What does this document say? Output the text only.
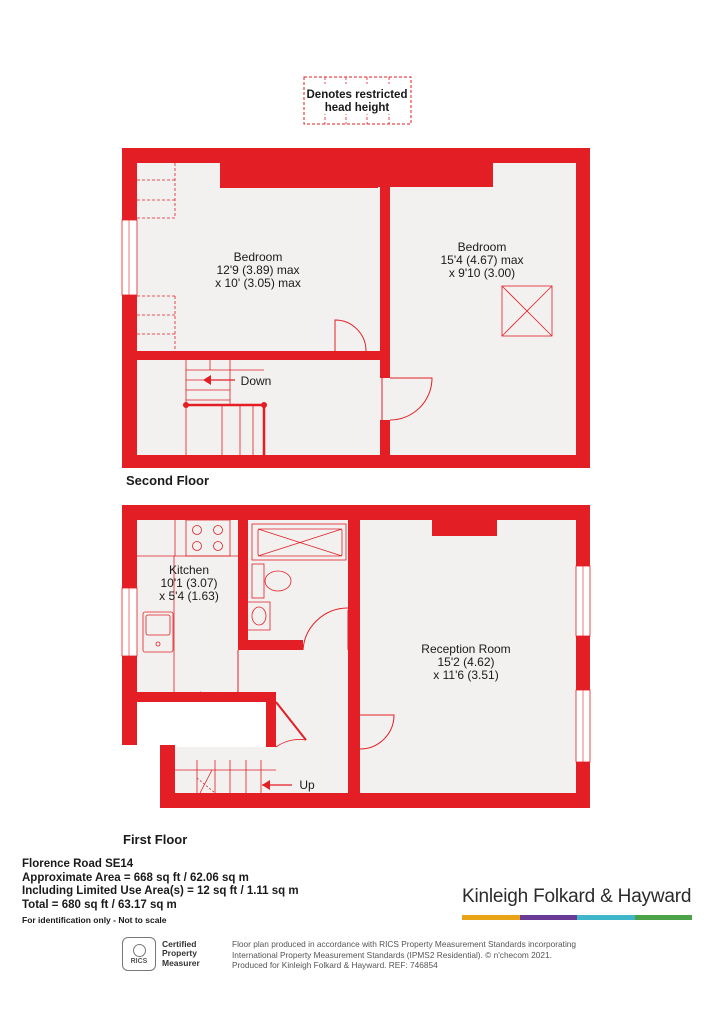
Denotes restricted
head height
Bedroom
12'9 (3.89) max
x 10' (3.05) max
Bedroom
15'4 (4.67) max
x 9'10 (3.00)
Down
Second Floor
Kitchen
10'1 (3.07)
x 5'4 (1.63)
Reception Room
15'2 (4.62)
x 11'6 (3.51)
Up
First Floor
Florence Road SE14
Approximate Area = 668 sq ft / 62.06 sq m
Including Limited Use Area(s) = 12 sq ft / 1.11 sq m
Total = 680 sq ft / 63.17 sq m
For identification only - Not to scale
Kinleigh Folkard & Hayward
RICS
Certified
Property
Measurer
Floor plan produced in accordance with RICS Property Measurement Standards incorporating
International Property Measurement Standards (IPMS2 Residential). © n'checom 2021.
Produced for Kinleigh Folkard & Hayward. REF: 746854
